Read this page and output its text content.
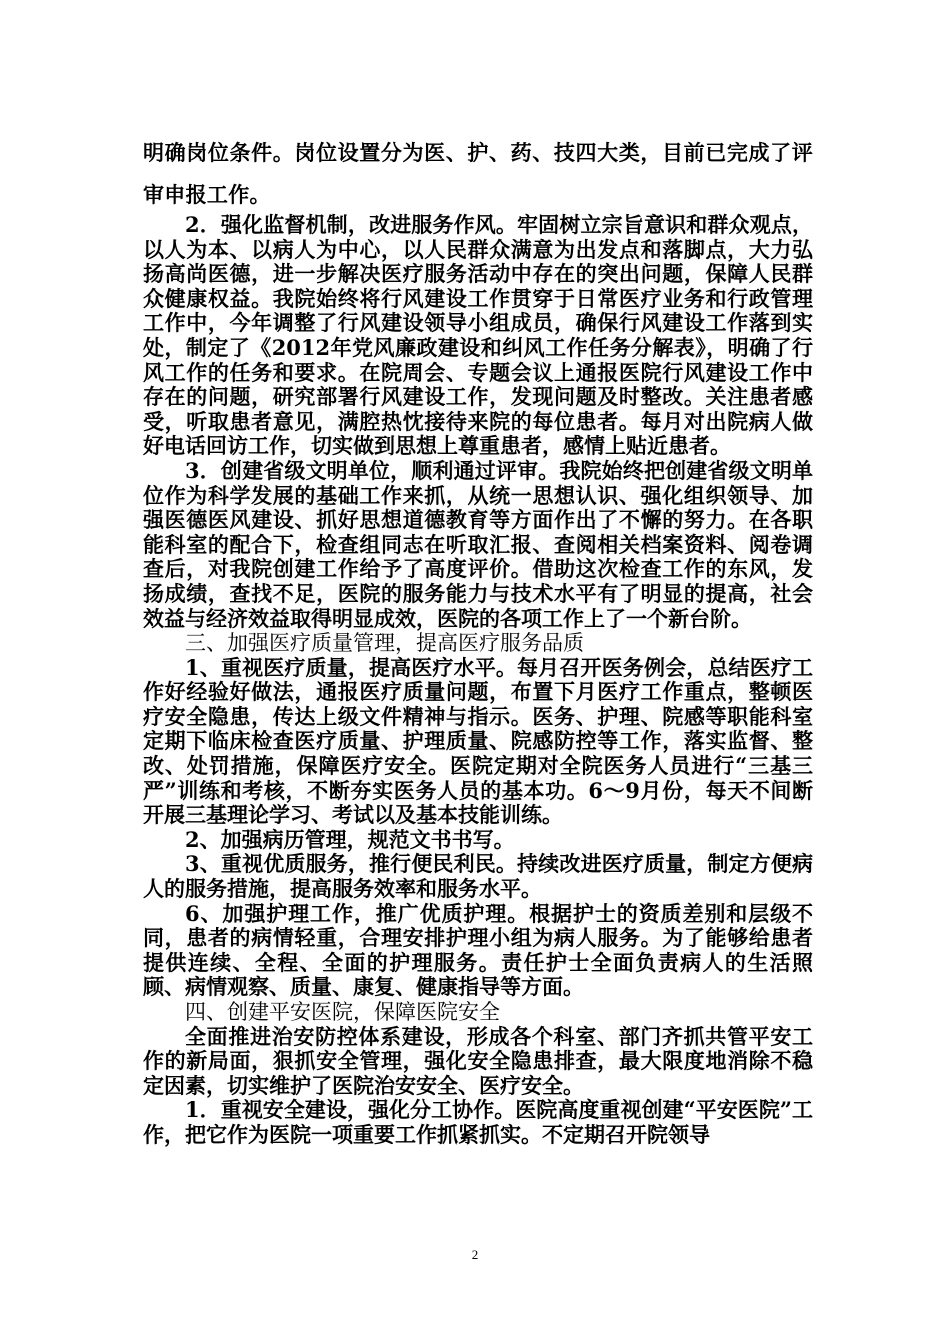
明确岗位条件。岗位设置分为医、护、药、技四大类，目前已完成了评

审申报工作。

2．强化监督机制，改进服务作风。牢固树立宗旨意识和群众观点，以人为本、以病人为中心，以人民群众满意为出发点和落脚点，大力弘扬高尚医德，进一步解决医疗服务活动中存在的突出问题，保障人民群众健康权益。我院始终将行风建设工作贯穿于日常医疗业务和行政管理工作中，今年调整了行风建设领导小组成员，确保行风建设工作落到实处，制定了《2012年党风廉政建设和纠风工作任务分解表》，明确了行风工作的任务和要求。在院周会、专题会议上通报医院行风建设工作中存在的问题，研究部署行风建设工作，发现问题及时整改。关注患者感受，听取患者意见，满腔热忱接待来院的每位患者。每月对出院病人做好电话回访工作，切实做到思想上尊重患者，感情上贴近患者。

3．创建省级文明单位，顺利通过评审。我院始终把创建省级文明单位作为科学发展的基础工作来抓，从统一思想认识、强化组织领导、加强医德医风建设、抓好思想道德教育等方面作出了不懈的努力。在各职能科室的配合下，检查组同志在听取汇报、查阅相关档案资料、阅卷调查后，对我院创建工作给予了高度评价。借助这次检查工作的东风，发扬成绩，查找不足，医院的服务能力与技术水平有了明显的提高，社会效益与经济效益取得明显成效，医院的各项工作上了一个新台阶。

三、加强医疗质量管理，提高医疗服务品质

1、重视医疗质量，提高医疗水平。每月召开医务例会，总结医疗工作好经验好做法，通报医疗质量问题，布置下月医疗工作重点，整顿医疗安全隐患，传达上级文件精神与指示。医务、护理、院感等职能科室定期下临床检查医疗质量、护理质量、院感防控等工作，落实监督、整改、处罚措施，保障医疗安全。医院定期对全院医务人员进行“三基三严”训练和考核，不断夯实医务人员的基本功。6～9月份，每天不间断开展三基理论学习、考试以及基本技能训练。

2、加强病历管理，规范文书书写。

3、重视优质服务，推行便民利民。持续改进医疗质量，制定方便病人的服务措施，提高服务效率和服务水平。

6、加强护理工作，推广优质护理。根据护士的资质差别和层级不同，患者的病情轻重，合理安排护理小组为病人服务。为了能够给患者提供连续、全程、全面的护理服务。责任护士全面负责病人的生活照顾、病情观察、质量、康复、健康指导等方面。

四、创建平安医院，保障医院安全

全面推进治安防控体系建设，形成各个科室、部门齐抓共管平安工作的新局面，狠抓安全管理，强化安全隐患排查，最大限度地消除不稳定因素，切实维护了医院治安安全、医疗安全。

1．重视安全建设，强化分工协作。医院高度重视创建“平安医院”工作，把它作为医院一项重要工作抓紧抓实。不定期召开院领导

2
